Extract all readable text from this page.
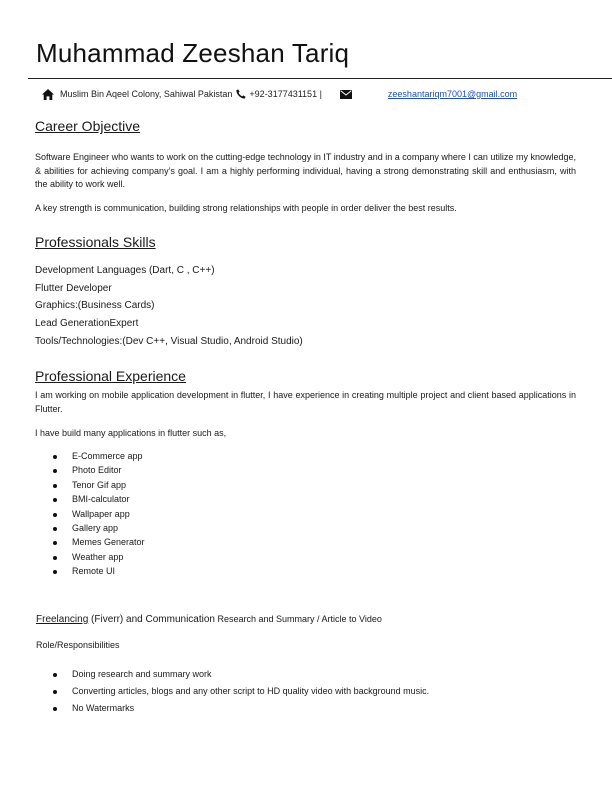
Muhammad Zeeshan Tariq
Muslim Bin Aqeel Colony, Sahiwal Pakistan +92-3177431151 |	zeeshantariqm7001@gmail.com
Career Objective
Software Engineer who wants to work on the cutting-edge technology in IT industry and in a company where I can utilize my knowledge, & abilities for achieving company’s goal. I am a highly performing individual, having a strong demonstrating skill and enthusiasm, with the ability to work well.
A key strength is communication, building strong relationships with people in order deliver the best results.
Professionals Skills
Development Languages (Dart, C , C++)
Flutter Developer
Graphics:(Business Cards)
Lead GenerationExpert
Tools/Technologies:(Dev C++, Visual Studio, Android Studio)
Professional Experience
I am working on mobile application development in flutter, I have experience in creating multiple project and client based applications in Flutter.
I have build many applications in flutter such as,
E-Commerce app
Photo Editor
Tenor Gif app
BMI-calculator
Wallpaper app
Gallery app
Memes Generator
Weather app
Remote UI
Freelancing (Fiverr) and Communication Research and Summary / Article to Video
Role/Responsibilities
Doing research and summary work
Converting articles, blogs and any other script to HD quality video with background music.
No Watermarks
